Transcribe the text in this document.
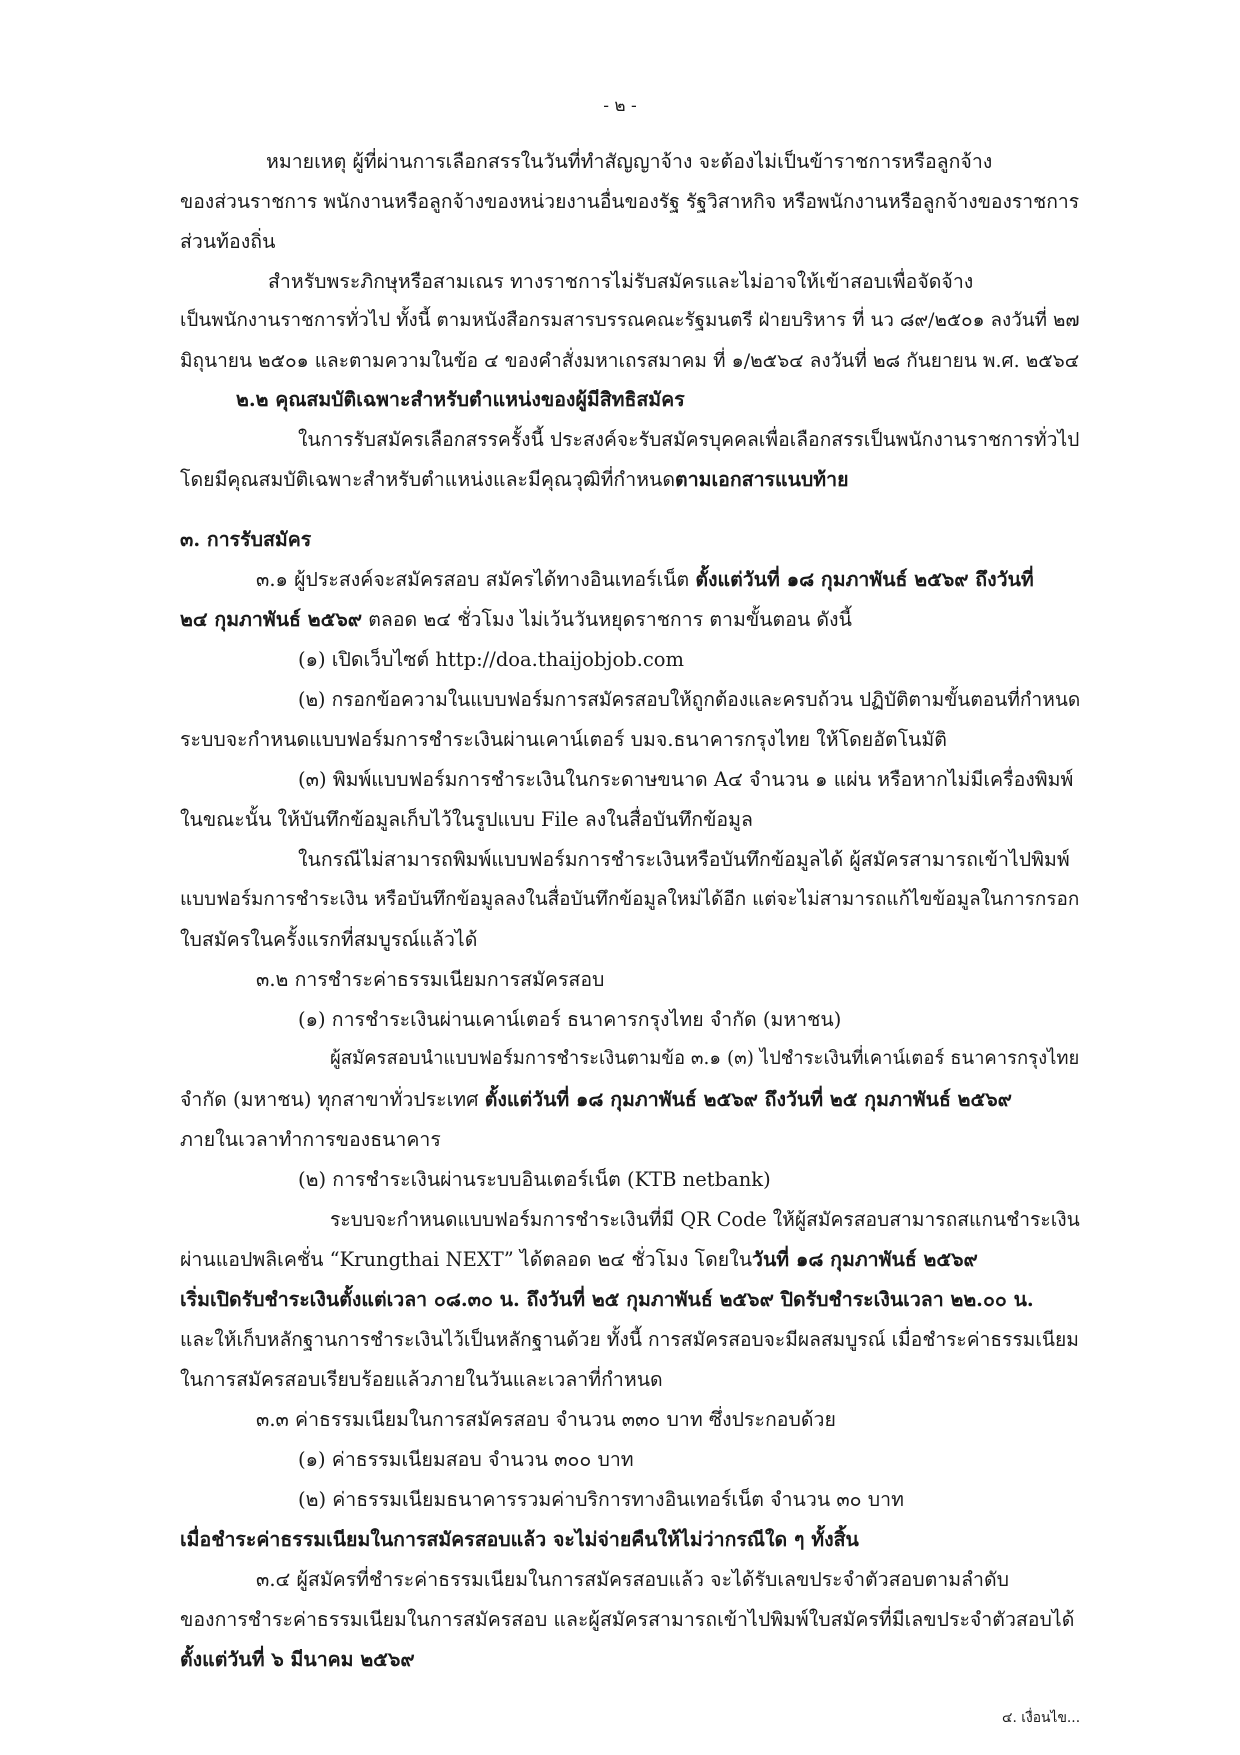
- ๒ -
หมายเหตุ ผู้ที่ผ่านการเลือกสรรในวันที่ทำสัญญาจ้าง จะต้องไม่เป็นข้าราชการหรือลูกจ้าง
ของส่วนราชการ พนักงานหรือลูกจ้างของหน่วยงานอื่นของรัฐ รัฐวิสาหกิจ หรือพนักงานหรือลูกจ้างของราชการ
ส่วนท้องถิ่น
สำหรับพระภิกษุหรือสามเณร ทางราชการไม่รับสมัครและไม่อาจให้เข้าสอบเพื่อจัดจ้าง
เป็นพนักงานราชการทั่วไป ทั้งนี้ ตามหนังสือกรมสารบรรณคณะรัฐมนตรี ฝ่ายบริหาร ที่ นว ๘๙/๒๕๐๑ ลงวันที่ ๒๗
มิถุนายน ๒๕๐๑ และตามความในข้อ ๔ ของคำสั่งมหาเถรสมาคม ที่ ๑/๒๕๖๔ ลงวันที่ ๒๘ กันยายน พ.ศ. ๒๕๖๔
๒.๒ คุณสมบัติเฉพาะสำหรับตำแหน่งของผู้มีสิทธิสมัคร
ในการรับสมัครเลือกสรรครั้งนี้ ประสงค์จะรับสมัครบุคคลเพื่อเลือกสรรเป็นพนักงานราชการทั่วไป
โดยมีคุณสมบัติเฉพาะสำหรับตำแหน่งและมีคุณวุฒิที่กำหนดตามเอกสารแนบท้าย
๓. การรับสมัคร
๓.๑ ผู้ประสงค์จะสมัครสอบ สมัครได้ทางอินเทอร์เน็ต ตั้งแต่วันที่ ๑๘ กุมภาพันธ์ ๒๕๖๙ ถึงวันที่
๒๔ กุมภาพันธ์ ๒๕๖๙ ตลอด ๒๔ ชั่วโมง ไม่เว้นวันหยุดราชการ ตามขั้นตอน ดังนี้
(๑) เปิดเว็บไซต์ http://doa.thaijobjob.com
(๒) กรอกข้อความในแบบฟอร์มการสมัครสอบให้ถูกต้องและครบถ้วน ปฏิบัติตามขั้นตอนที่กำหนด
ระบบจะกำหนดแบบฟอร์มการชำระเงินผ่านเคาน์เตอร์ บมจ.ธนาคารกรุงไทย ให้โดยอัตโนมัติ
(๓) พิมพ์แบบฟอร์มการชำระเงินในกระดาษขนาด A๔ จำนวน ๑ แผ่น หรือหากไม่มีเครื่องพิมพ์
ในขณะนั้น ให้บันทึกข้อมูลเก็บไว้ในรูปแบบ File ลงในสื่อบันทึกข้อมูล
ในกรณีไม่สามารถพิมพ์แบบฟอร์มการชำระเงินหรือบันทึกข้อมูลได้ ผู้สมัครสามารถเข้าไปพิมพ์
แบบฟอร์มการชำระเงิน หรือบันทึกข้อมูลลงในสื่อบันทึกข้อมูลใหม่ได้อีก แต่จะไม่สามารถแก้ไขข้อมูลในการกรอก
ใบสมัครในครั้งแรกที่สมบูรณ์แล้วได้
๓.๒ การชำระค่าธรรมเนียมการสมัครสอบ
(๑) การชำระเงินผ่านเคาน์เตอร์ ธนาคารกรุงไทย จำกัด (มหาชน)
ผู้สมัครสอบนำแบบฟอร์มการชำระเงินตามข้อ ๓.๑ (๓) ไปชำระเงินที่เคาน์เตอร์ ธนาคารกรุงไทย
จำกัด (มหาชน) ทุกสาขาทั่วประเทศ ตั้งแต่วันที่ ๑๘ กุมภาพันธ์ ๒๕๖๙ ถึงวันที่ ๒๕ กุมภาพันธ์ ๒๕๖๙
ภายในเวลาทำการของธนาคาร
(๒) การชำระเงินผ่านระบบอินเตอร์เน็ต (KTB netbank)
ระบบจะกำหนดแบบฟอร์มการชำระเงินที่มี QR Code ให้ผู้สมัครสอบสามารถสแกนชำระเงิน
ผ่านแอปพลิเคชั่น “Krungthai NEXT” ได้ตลอด ๒๔ ชั่วโมง โดยในวันที่ ๑๘ กุมภาพันธ์ ๒๕๖๙
เริ่มเปิดรับชำระเงินตั้งแต่เวลา ๐๘.๓๐ น. ถึงวันที่ ๒๕ กุมภาพันธ์ ๒๕๖๙ ปิดรับชำระเงินเวลา ๒๒.๐๐ น.
และให้เก็บหลักฐานการชำระเงินไว้เป็นหลักฐานด้วย ทั้งนี้ การสมัครสอบจะมีผลสมบูรณ์ เมื่อชำระค่าธรรมเนียม
ในการสมัครสอบเรียบร้อยแล้วภายในวันและเวลาที่กำหนด
๓.๓ ค่าธรรมเนียมในการสมัครสอบ จำนวน ๓๓๐ บาท ซึ่งประกอบด้วย
(๑) ค่าธรรมเนียมสอบ จำนวน ๓๐๐ บาท
(๒) ค่าธรรมเนียมธนาคารรวมค่าบริการทางอินเทอร์เน็ต จำนวน ๓๐ บาท
เมื่อชำระค่าธรรมเนียมในการสมัครสอบแล้ว จะไม่จ่ายคืนให้ไม่ว่ากรณีใด ๆ ทั้งสิ้น
๓.๔ ผู้สมัครที่ชำระค่าธรรมเนียมในการสมัครสอบแล้ว จะได้รับเลขประจำตัวสอบตามลำดับ
ของการชำระค่าธรรมเนียมในการสมัครสอบ และผู้สมัครสามารถเข้าไปพิมพ์ใบสมัครที่มีเลขประจำตัวสอบได้
ตั้งแต่วันที่ ๖ มีนาคม ๒๕๖๙
๔. เงื่อนไข...
